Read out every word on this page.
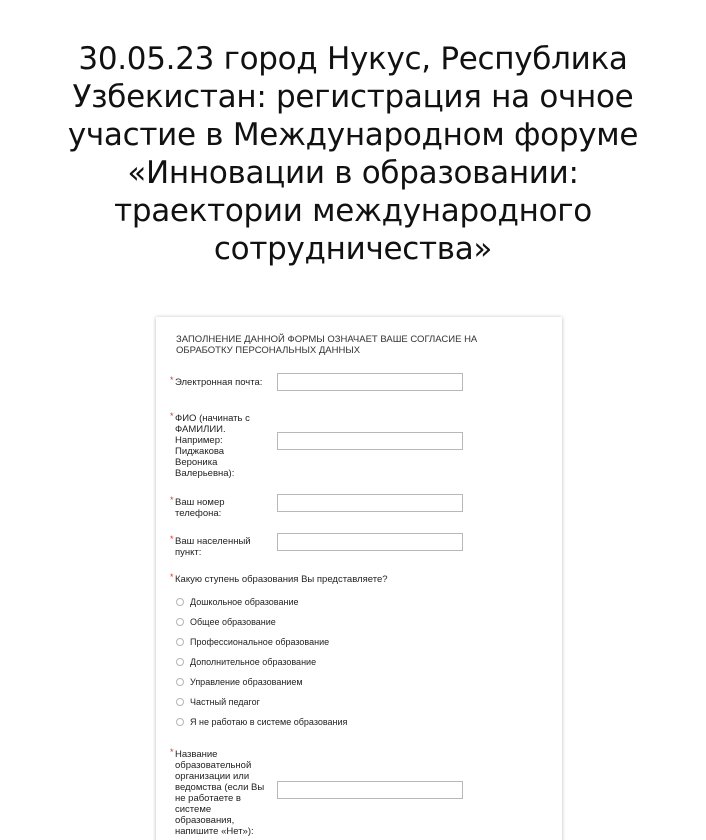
30.05.23 город Нукус, Республика Узбекистан: регистрация на очное участие в Международном форуме «Инновации в образовании: траектории международного сотрудничества»
ЗАПОЛНЕНИЕ ДАННОЙ ФОРМЫ ОЗНАЧАЕТ ВАШЕ СОГЛАСИЕ НА ОБРАБОТКУ ПЕРСОНАЛЬНЫХ ДАННЫХ
* Электронная почта:
* ФИО (начинать с ФАМИЛИИ. Например: Пиджакова Вероника Валерьевна):
* Ваш номер телефона:
* Ваш населенный пункт:
* Какую ступень образования Вы представляете?
Дошкольное образование
Общее образование
Профессиональное образование
Дополнительное образование
Управление образованием
Частный педагог
Я не работаю в системе образования
* Название образовательной организации или ведомства (если Вы не работаете в системе образования, напишите «Нет»):
